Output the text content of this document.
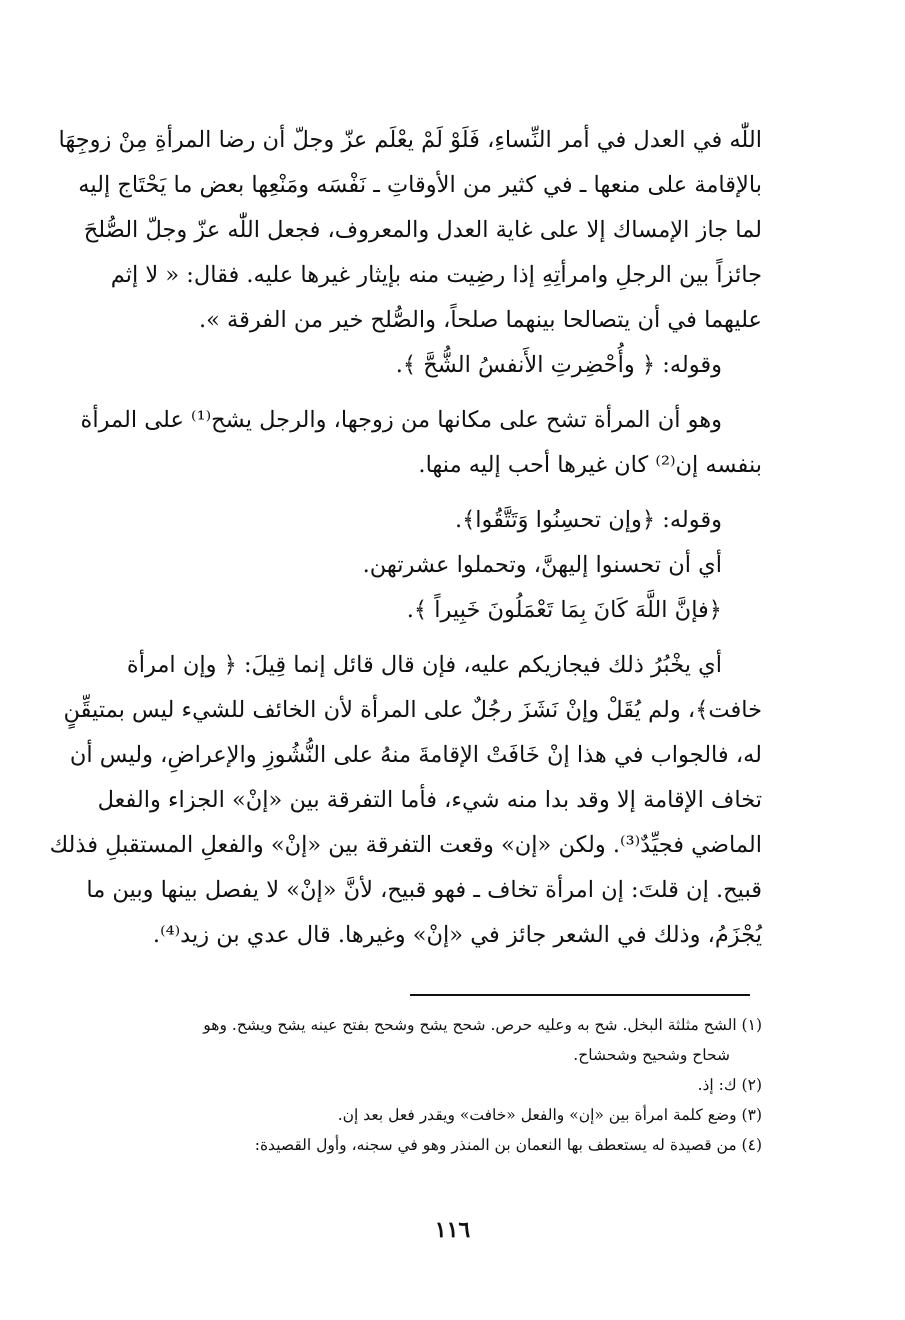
اللّٰه في العدل في أمر النِّساءِ، فَلَوْ لَمْ يعْلَم عزّ وجلّ أن رضا المرأةِ مِنْ زوجِهَا
بالإقامة على منعها ـ في كثير من الأوقاتِ ـ نَفْسَه ومَنْعِها بعض ما يَحْتَاج إليه
لما جاز الإمساك إلا على غاية العدل والمعروف، فجعل اللّٰه عزّ وجلّ الصُّلحَ
جائزاً بين الرجلِ وامرأتِهِ إذا رضِيت منه بإيثار غيرها عليه. فقال: « لا إثم
عليهما في أن يتصالحا بينهما صلحاً، والصُّلح خير من الفرقة ».
وقوله: ﴿ وأُحْضِرتِ الأَنفسُ الشُّحَّ ﴾.
وهو أن المرأة تشح على مكانها من زوجها، والرجل يشح⁽¹⁾ على المرأة
بنفسه إن⁽²⁾ كان غيرها أحب إليه منها.
وقوله: ﴿وإن تحسِنُوا وَتَتَّقُوا﴾.
أي أن تحسنوا إليهنَّ، وتحملوا عشرتهن.
﴿فإنَّ اللَّهَ كَانَ بِمَا تَعْمَلُونَ خَبِيراً ﴾.
أي يخْبُرُ ذلك فيجازيكم عليه، فإن قال قائل إنما قِيلَ: ﴿ وإن امرأة
خافت﴾، ولم يُقَلْ وإنْ نَشَزَ رجُلٌ على المرأة لأن الخائف للشيء ليس بمتيقِّنٍ
له، فالجواب في هذا إنْ خَافَتْ الإقامةَ منهُ على النُّشُوزِ والإعراضِ، وليس أن
تخاف الإقامة إلا وقد بدا منه شيء، فأما التفرقة بين «إنْ» الجزاء والفعل
الماضي فجيِّدٌ⁽³⁾. ولكن «إن» وقعت التفرقة بين «إنْ» والفعلِ المستقبلِ فذلك
قبيح. إن قلتَ: إن امرأة تخاف ـ فهو قبيح، لأنَّ «إنْ» لا يفصل بينها وبين ما
يُجْزَمُ، وذلك في الشعر جائز في «إنْ» وغيرها. قال عدي بن زيد⁽⁴⁾.
(١) الشح مثلثة البخل. شح به وعليه حرص. شحح يشح وشحح بفتح عينه يشح ويشح. وهو
شحاح وشحيح وشحشاح.
(٢) ك: إذ.
(٣) وضع كلمة امرأة بين «إن» والفعل «خافت» ويقدر فعل بعد إن.
(٤) من قصيدة له يستعطف بها النعمان بن المنذر وهو في سجنه، وأول القصيدة:
١١٦
